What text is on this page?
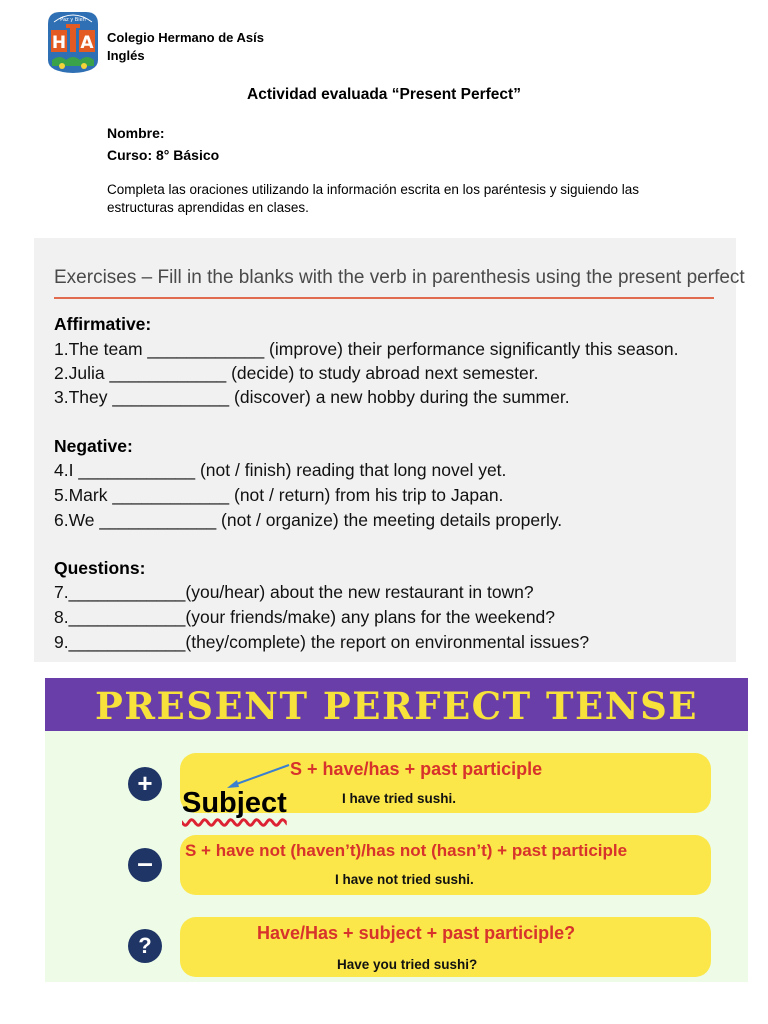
Paz y Bien
H A Colegio Hermano de Asís
Inglés
Actividad evaluada “Present Perfect”
Nombre:
Curso: 8° Básico
Completa las oraciones utilizando la información escrita en los paréntesis y siguiendo las estructuras aprendidas en clases.
Exercises – Fill in the blanks with the verb in parenthesis using the present perfect
Affirmative:
1.The team ____________ (improve) their performance significantly this season.
2.Julia ____________ (decide) to study abroad next semester.
3.They ____________ (discover) a new hobby during the summer.
Negative:
4.I ____________ (not / finish) reading that long novel yet.
5.Mark ____________ (not / return) from his trip to Japan.
6.We ____________ (not / organize) the meeting details properly.
Questions:
7.____________(you/hear) about the new restaurant in town?
8.____________(your friends/make) any plans for the weekend?
9.____________(they/complete) the report on environmental issues?
PRESENT PERFECT TENSE
+	S + have/has + past participle
I have tried sushi.
Subject
–	S + have not (haven’t)/has not (hasn’t) + past participle
I have not tried sushi.
?	Have/Has + subject + past participle?
Have you tried sushi?
